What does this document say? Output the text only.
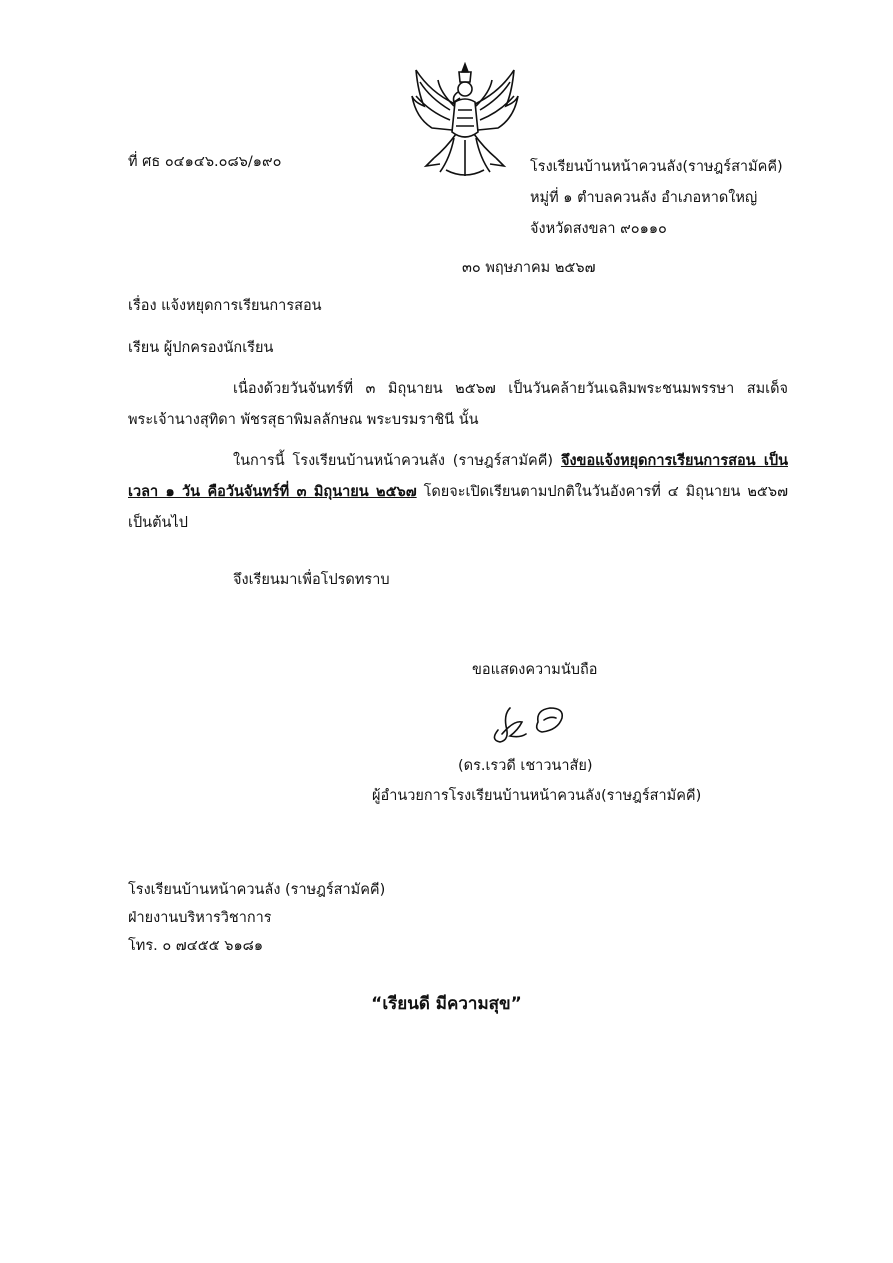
ที่ ศธ ๐๔๑๔๖.๐๘๖/๑๙๐	โรงเรียนบ้านหน้าควนลัง(ราษฎร์สามัคคี)
หมู่ที่ ๑ ตำบลควนลัง อำเภอหาดใหญ่
จังหวัดสงขลา ๙๐๑๑๐
๓๐ พฤษภาคม ๒๕๖๗
เรื่อง แจ้งหยุดการเรียนการสอน
เรียน ผู้ปกครองนักเรียน
เนื่องด้วยวันจันทร์ที่ ๓ มิถุนายน ๒๕๖๗ เป็นวันคล้ายวันเฉลิมพระชนมพรรษา สมเด็จพระเจ้านางสุทิดา พัชรสุธาพิมลลักษณ พระบรมราชินี นั้น
ในการนี้ โรงเรียนบ้านหน้าควนลัง (ราษฎร์สามัคคี) จึงขอแจ้งหยุดการเรียนการสอน เป็นเวลา ๑ วัน คือวันจันทร์ที่ ๓ มิถุนายน ๒๕๖๗ โดยจะเปิดเรียนตามปกติในวันอังคารที่ ๔ มิถุนายน ๒๕๖๗ เป็นต้นไป
จึงเรียนมาเพื่อโปรดทราบ
ขอแสดงความนับถือ
(ดร.เรวดี เชาวนาสัย)
ผู้อำนวยการโรงเรียนบ้านหน้าควนลัง(ราษฎร์สามัคคี)
โรงเรียนบ้านหน้าควนลัง (ราษฎร์สามัคคี)
ฝ่ายงานบริหารวิชาการ
โทร. ๐ ๗๔๕๕ ๖๑๘๑
“เรียนดี มีความสุข”
